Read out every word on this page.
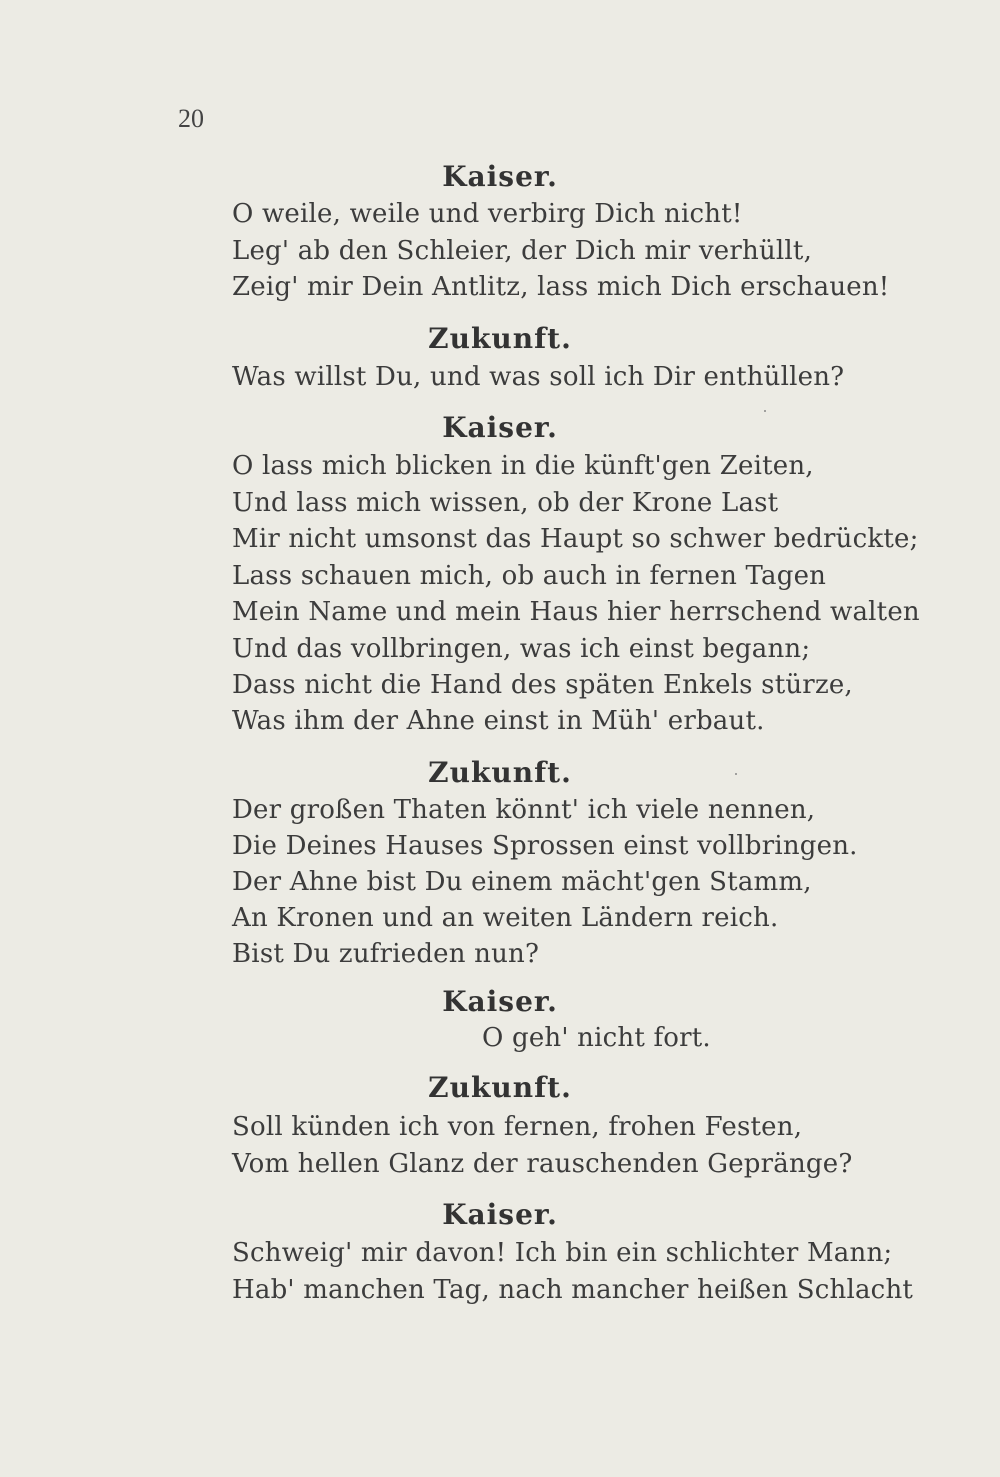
20
Kaiser.
O weile, weile und verbirg Dich nicht!
Leg' ab den Schleier, der Dich mir verhüllt,
Zeig' mir Dein Antlitz, lass mich Dich erschauen!
Zukunft.
Was willst Du, und was soll ich Dir enthüllen?
Kaiser.
O lass mich blicken in die künft'gen Zeiten,
Und lass mich wissen, ob der Krone Last
Mir nicht umsonst das Haupt so schwer bedrückte;
Lass schauen mich, ob auch in fernen Tagen
Mein Name und mein Haus hier herrschend walten
Und das vollbringen, was ich einst begann;
Dass nicht die Hand des späten Enkels stürze,
Was ihm der Ahne einst in Müh' erbaut.
Zukunft.
Der großen Thaten könnt' ich viele nennen,
Die Deines Hauses Sprossen einst vollbringen.
Der Ahne bist Du einem mächt'gen Stamm,
An Kronen und an weiten Ländern reich.
Bist Du zufrieden nun?
Kaiser.
O geh' nicht fort.
Zukunft.
Soll künden ich von fernen, frohen Festen,
Vom hellen Glanz der rauschenden Gepränge?
Kaiser.
Schweig' mir davon! Ich bin ein schlichter Mann;
Hab' manchen Tag, nach mancher heißen Schlacht
